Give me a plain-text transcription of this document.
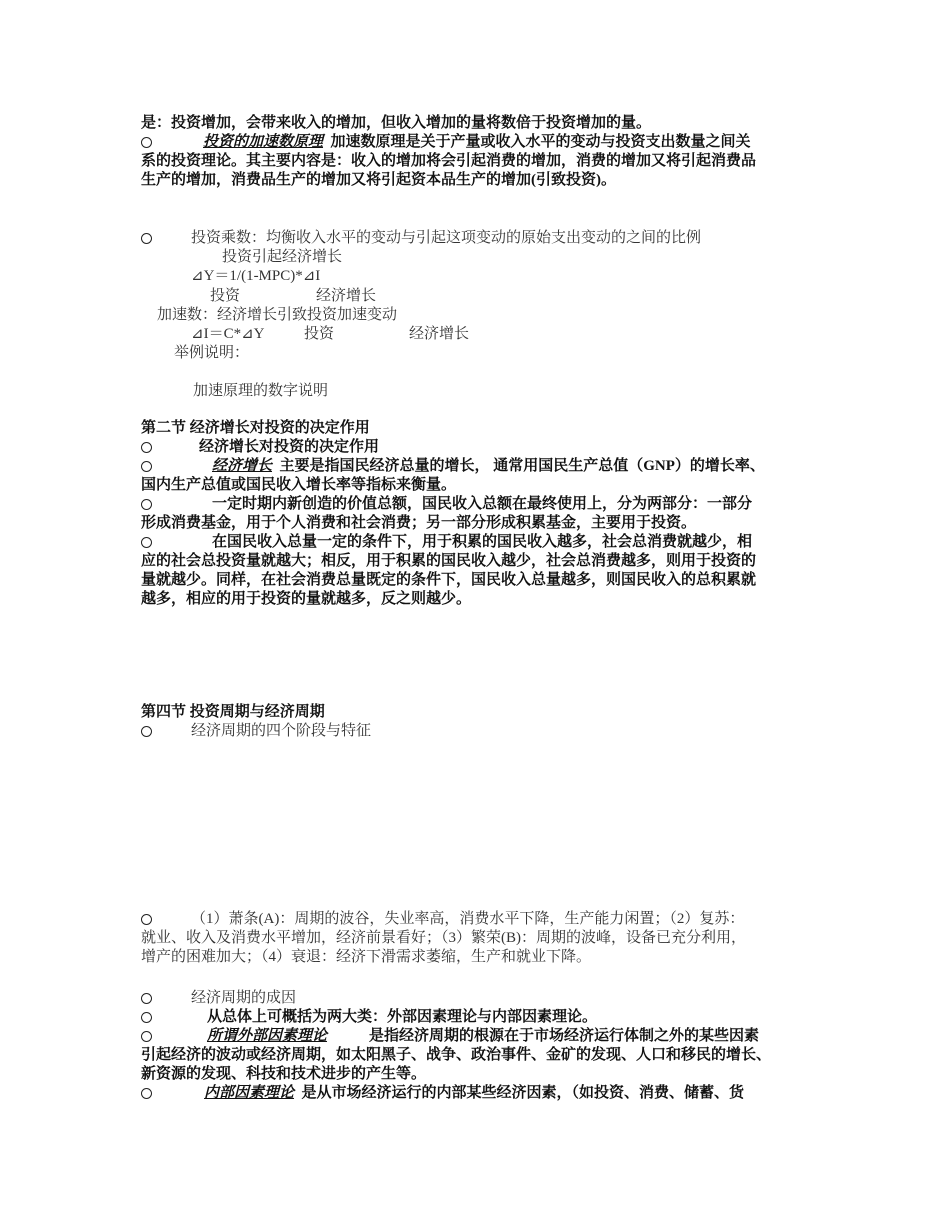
是：投资增加，会带来收入的增加，但收入增加的量将数倍于投资增加的量。
投资的加速数原理 加速数原理是关于产量或收入水平的变动与投资支出数量之间关
系的投资理论。其主要内容是：收入的增加将会引起消费的增加，消费的增加又将引起消费品
生产的增加，消费品生产的增加又将引起资本品生产的增加(引致投资)。
投资乘数：均衡收入水平的变动与引起这项变动的原始支出变动的之间的比例
投资引起经济增长
⊿Y＝1/(1-MPC)*⊿I
投资	经济增长
加速数：经济增长引致投资加速变动
⊿I＝C*⊿Y	投资	经济增长
举例说明：
加速原理的数字说明
第二节 经济增长对投资的决定作用
经济增长对投资的决定作用
经济增长 主要是指国民经济总量的增长， 通常用国民生产总值（GNP）的增长率、
国内生产总值或国民收入增长率等指标来衡量。
一定时期内新创造的价值总额，国民收入总额在最终使用上，分为两部分：一部分
形成消费基金，用于个人消费和社会消费；另一部分形成积累基金，主要用于投资。
在国民收入总量一定的条件下，用于积累的国民收入越多，社会总消费就越少，相
应的社会总投资量就越大；相反，用于积累的国民收入越少，社会总消费越多，则用于投资的
量就越少。同样，在社会消费总量既定的条件下，国民收入总量越多，则国民收入的总积累就
越多，相应的用于投资的量就越多，反之则越少。
第四节 投资周期与经济周期
经济周期的四个阶段与特征
（1）萧条(A)：周期的波谷，失业率高，消费水平下降，生产能力闲置；（2）复苏：
就业、收入及消费水平增加，经济前景看好；（3）繁荣(B)：周期的波峰，设备已充分利用，
增产的困难加大；（4）衰退：经济下滑需求萎缩，生产和就业下降。
经济周期的成因
从总体上可概括为两大类：外部因素理论与内部因素理论。
所谓外部因素理论	是指经济周期的根源在于市场经济运行体制之外的某些因素
引起经济的波动或经济周期，如太阳黑子、战争、政治事件、金矿的发现、人口和移民的增长、
新资源的发现、科技和技术进步的产生等。
内部因素理论 是从市场经济运行的内部某些经济因素，（如投资、消费、储蓄、货
